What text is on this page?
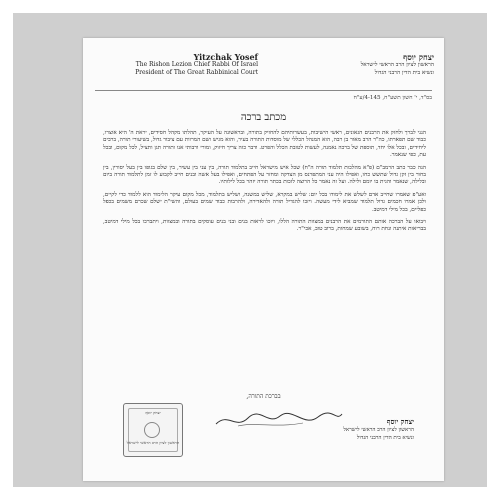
Yitzchak Yosef
The Rishon Lezion Chief Rabbi Of Israel
President of The Great Rabbinical Court
יצחק יוסף
הראשון לציון הרב הראשי לישראל
ונשיא בית הדין הרבני הגדול
בס"ד, י' חשון תשע"ח, 4-145/ע"ח
מכתב ברכה

הנני לברך ולחזק את הרבנים הגאונים, ראשי הישיבות, בעשרותיהם להחזיק בתורה, ובראשונה על העיקר, תהלתו מקהל חסידים, יראת ה' היא אוצרו, כבוד שם תפארתו, כה"ר הרב מאור בן רבה, הוא המנהל הכללי של מוסדות התורה בעיר, והוא מגיש ושם המרוות עם ציבור גדול, בשיעורי תורה, ברבים ליחידים, ובכל אלו יחד, תוספת של ברכה נאמנה, לעשות לטובת הכלל והפרט. ודבר כזה צריך חיזוק, ומורי ורבותי אנו ותורה תגן ותציל, לכל מקום, ובכל עת, כפי שנאמר.

הנה כבר כתב הרמב"ם (פ"א מהלכות תלמוד תורה ה"ח) שכל איש מישראל חייב בתלמוד תורה, בין עני בין עשיר, בין שלם בגופו בין בעל יסורין, בין בחור בין זקן גדול שתשש כחו, ואפילו היה עני המתפרנס מן הצדקה ומחזר על הפתחים, ואפילו בעל אשה ובנים חייב לקבוע לו זמן לתלמוד תורה ביום ובלילה, שנאמר והגית בו יומם ולילה. ועל זה נאמר כל הרוצה לזכות בכתר תורה יזהר בכל לילותיו.

ואע"פ שאמרו שחייב אדם לשלש את לימודו בכל יום: שליש במקרא, שליש במשנה, ושליש בתלמוד, מכל מקום עיקר הלימוד הוא ללמוד כדי לקיים, ולכן אמרו חכמים גדול תלמוד שמביא לידי מעשה. ויזכו להגדיל תורה ולהאדירה, ולהרבות כבוד שמים בעולם, והשי"ת ישלם שכרם משמים בכפל כפליים, בכל מילי דמיטב.

ויבואו על הברכה אותם התורמים את הרבנים במצוות התורה הללו, ויזכו לראות בנים ובני בנים עוסקים בתורה ובמצוות, ויתברכו בכל מילי דמיטב, בבריאות איתנה ונחת רוח, בשובע שמחות, ברוב טוב, אכי"ר.

בברכת התורה,
יצחק יוסף
הראשון לציון הרב הראשי לישראל
יצחק יוסף
הראשון לציון הרב הראשי לישראל
ונשיא בית הדין הרבני הגדול
